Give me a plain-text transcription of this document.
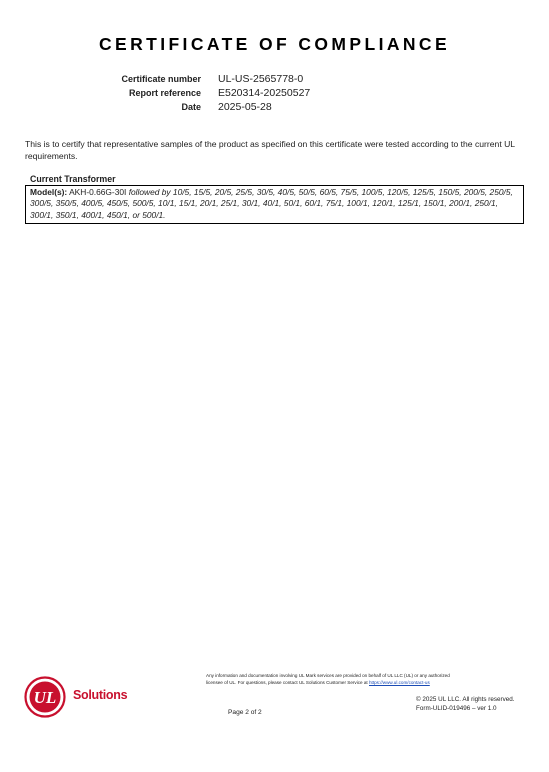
CERTIFICATE OF COMPLIANCE
Certificate number UL-US-2565778-0
Report reference E520314-20250527
Date 2025-05-28
This is to certify that representative samples of the product as specified on this certificate were tested according to the current UL requirements.
Current Transformer
Model(s): AKH-0.66G-30I followed by 10/5, 15/5, 20/5, 25/5, 30/5, 40/5, 50/5, 60/5, 75/5, 100/5, 120/5, 125/5, 150/5, 200/5, 250/5, 300/5, 350/5, 400/5, 450/5, 500/5, 10/1, 15/1, 20/1, 25/1, 30/1, 40/1, 50/1, 60/1, 75/1, 100/1, 120/1, 125/1, 150/1, 200/1, 250/1, 300/1, 350/1, 400/1, 450/1, or 500/1.
Any information and documentation involving UL Mark services are provided on behalf of UL LLC (UL) or any authorized
licensee of UL. For questions, please contact UL Solutions Customer Service at https://www.ul.com/contact-us
UL Solutions
Page 2 of 2
© 2025 UL LLC. All rights reserved.
Form-ULID-019496 – ver 1.0
